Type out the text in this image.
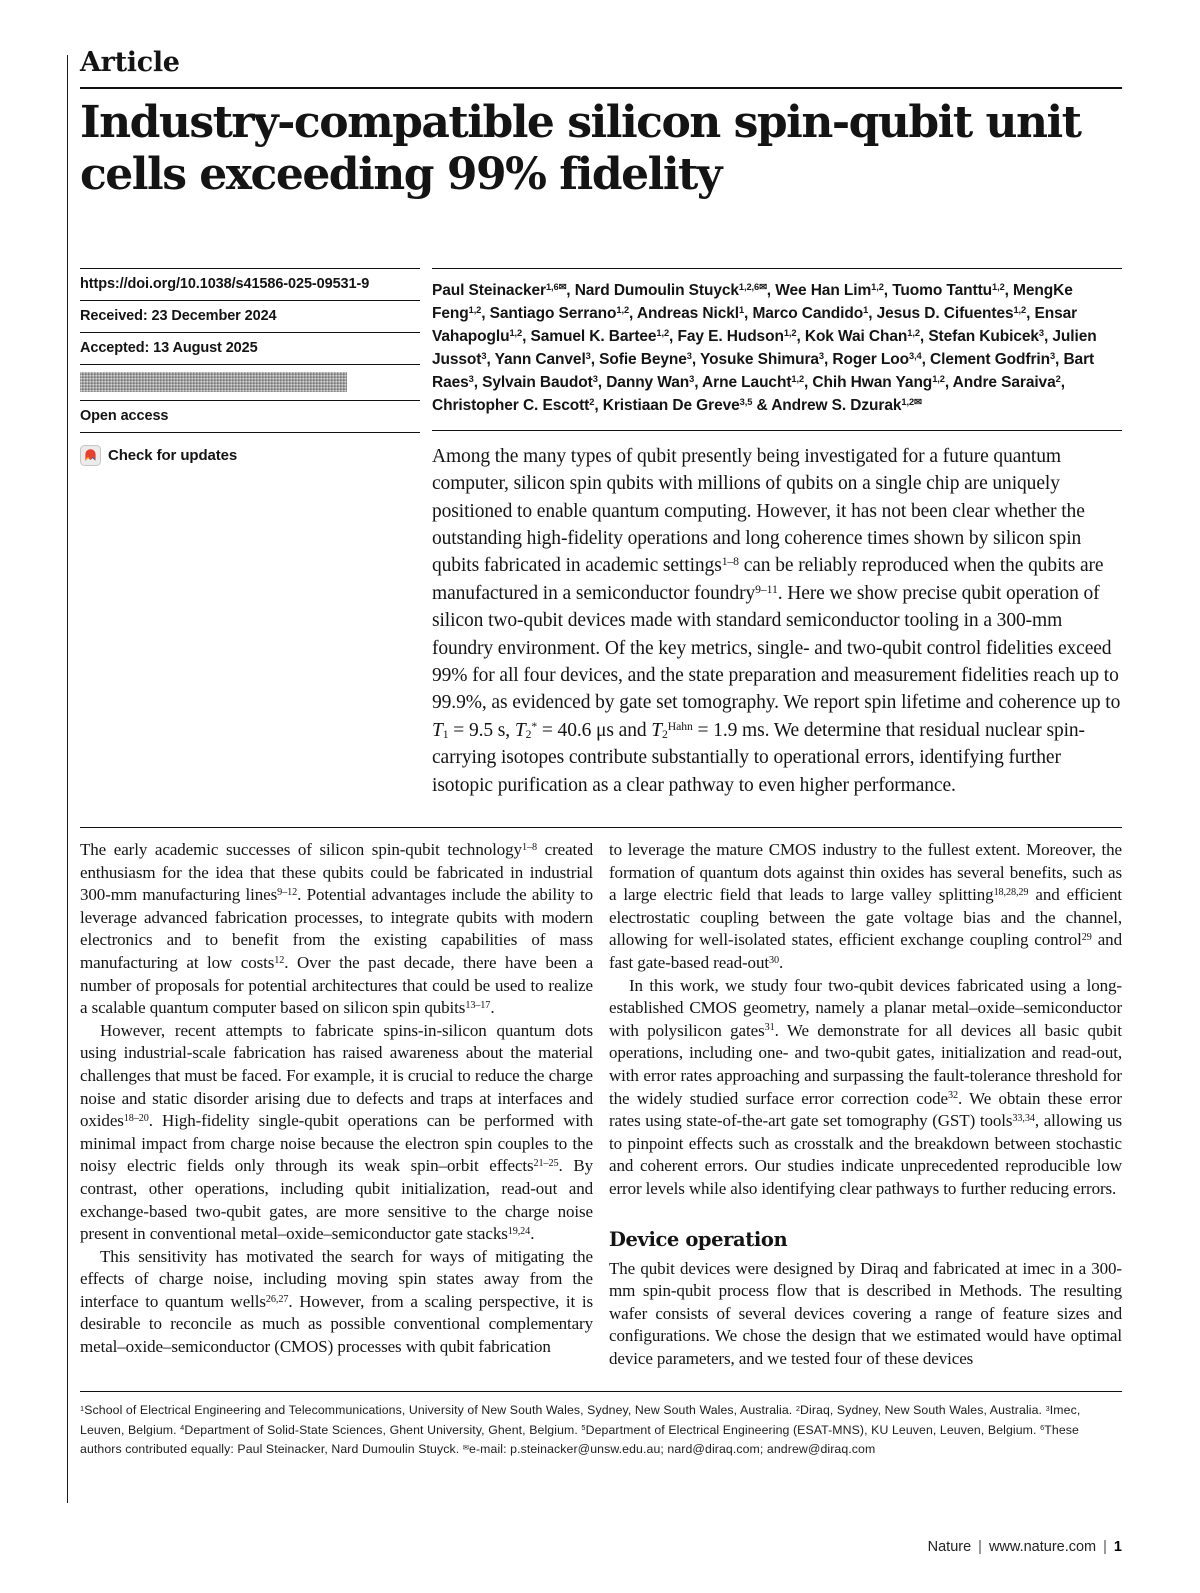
Article
Industry-compatible silicon spin-qubit unit
cells exceeding 99% fidelity
https://doi.org/10.1038/s41586-025-09531-9
Received: 23 December 2024
Accepted: 13 August 2025
Open access
Check for updates
Paul Steinacker$^{1,6✉}$, Nard Dumoulin Stuyck$^{1,2,6✉}$, Wee Han Lim$^{1,2}$, Tuomo Tanttu$^{1,2}$, MengKe Feng$^{1,2}$, Santiago Serrano$^{1,2}$, Andreas Nickl$^1$, Marco Candido$^1$, Jesus D. Cifuentes$^{1,2}$, Ensar Vahapoglu$^{1,2}$, Samuel K. Bartee$^{1,2}$, Fay E. Hudson$^{1,2}$, Kok Wai Chan$^{1,2}$, Stefan Kubicek$^3$, Julien Jussot$^3$, Yann Canvel$^3$, Sofie Beyne$^3$, Yosuke Shimura$^3$, Roger Loo$^{3,4}$, Clement Godfrin$^3$, Bart Raes$^3$, Sylvain Baudot$^3$, Danny Wan$^3$, Arne Laucht$^{1,2}$, Chih Hwan Yang$^{1,2}$, Andre Saraiva$^2$, Christopher C. Escott$^2$, Kristiaan De Greve$^{3,5}$ & Andrew S. Dzurak$^{1,2✉}$
Among the many types of qubit presently being investigated for a future quantum computer, silicon spin qubits with millions of qubits on a single chip are uniquely positioned to enable quantum computing. However, it has not been clear whether the outstanding high-fidelity operations and long coherence times shown by silicon spin qubits fabricated in academic settings$^{1-8}$ can be reliably reproduced when the qubits are manufactured in a semiconductor foundry$^{9-11}$. Here we show precise qubit operation of silicon two-qubit devices made with standard semiconductor tooling in a 300-mm foundry environment. Of the key metrics, single- and two-qubit control fidelities exceed 99% for all four devices, and the state preparation and measurement fidelities reach up to 99.9%, as evidenced by gate set tomography. We report spin lifetime and coherence up to $T_1 = 9.5$ s, $T_2^* = 40.6$ μs and $T_2^{Hahn} = 1.9$ ms. We determine that residual nuclear spin-carrying isotopes contribute substantially to operational errors, identifying further isotopic purification as a clear pathway to even higher performance.

The early academic successes of silicon spin-qubit technology$^{1-8}$ created enthusiasm for the idea that these qubits could be fabricated in industrial 300-mm manufacturing lines$^{9-12}$. Potential advantages include the ability to leverage advanced fabrication processes, to integrate qubits with modern electronics and to benefit from the existing capabilities of mass manufacturing at low costs$^{12}$. Over the past decade, there have been a number of proposals for potential architectures that could be used to realize a scalable quantum computer based on silicon spin qubits$^{13-17}$.

However, recent attempts to fabricate spins-in-silicon quantum dots using industrial-scale fabrication has raised awareness about the material challenges that must be faced. For example, it is crucial to reduce the charge noise and static disorder arising due to defects and traps at interfaces and oxides$^{18-20}$. High-fidelity single-qubit operations can be performed with minimal impact from charge noise because the electron spin couples to the noisy electric fields only through its weak spin–orbit effects$^{21-25}$. By contrast, other operations, including qubit initialization, read-out and exchange-based two-qubit gates, are more sensitive to the charge noise present in conventional metal–oxide–semiconductor gate stacks$^{19,24}$.

This sensitivity has motivated the search for ways of mitigating the effects of charge noise, including moving spin states away from the interface to quantum wells$^{26,27}$. However, from a scaling perspective, it is desirable to reconcile as much as possible conventional complementary metal–oxide–semiconductor (CMOS) processes with qubit fabrication

to leverage the mature CMOS industry to the fullest extent. Moreover, the formation of quantum dots against thin oxides has several benefits, such as a large electric field that leads to large valley splitting$^{18,28,29}$ and efficient electrostatic coupling between the gate voltage bias and the channel, allowing for well-isolated states, efficient exchange coupling control$^{29}$ and fast gate-based read-out$^{30}$.

In this work, we study four two-qubit devices fabricated using a long-established CMOS geometry, namely a planar metal–oxide–semiconductor with polysilicon gates$^{31}$. We demonstrate for all devices all basic qubit operations, including one- and two-qubit gates, initialization and read-out, with error rates approaching and surpassing the fault-tolerance threshold for the widely studied surface error correction code$^{32}$. We obtain these error rates using state-of-the-art gate set tomography (GST) tools$^{33,34}$, allowing us to pinpoint effects such as crosstalk and the breakdown between stochastic and coherent errors. Our studies indicate unprecedented reproducible low error levels while also identifying clear pathways to further reducing errors.

Device operation

The qubit devices were designed by Diraq and fabricated at imec in a 300-mm spin-qubit process flow that is described in Methods. The resulting wafer consists of several devices covering a range of feature sizes and configurations. We chose the design that we estimated would have optimal device parameters, and we tested four of these devices

$^1$School of Electrical Engineering and Telecommunications, University of New South Wales, Sydney, New South Wales, Australia. $^2$Diraq, Sydney, New South Wales, Australia. $^3$Imec, Leuven, Belgium. $^4$Department of Solid-State Sciences, Ghent University, Ghent, Belgium. $^5$Department of Electrical Engineering (ESAT-MNS), KU Leuven, Leuven, Belgium. $^6$These authors contributed equally: Paul Steinacker, Nard Dumoulin Stuyck. ✉e-mail: p.steinacker@unsw.edu.au; nard@diraq.com; andrew@diraq.com
Nature | www.nature.com | 1
